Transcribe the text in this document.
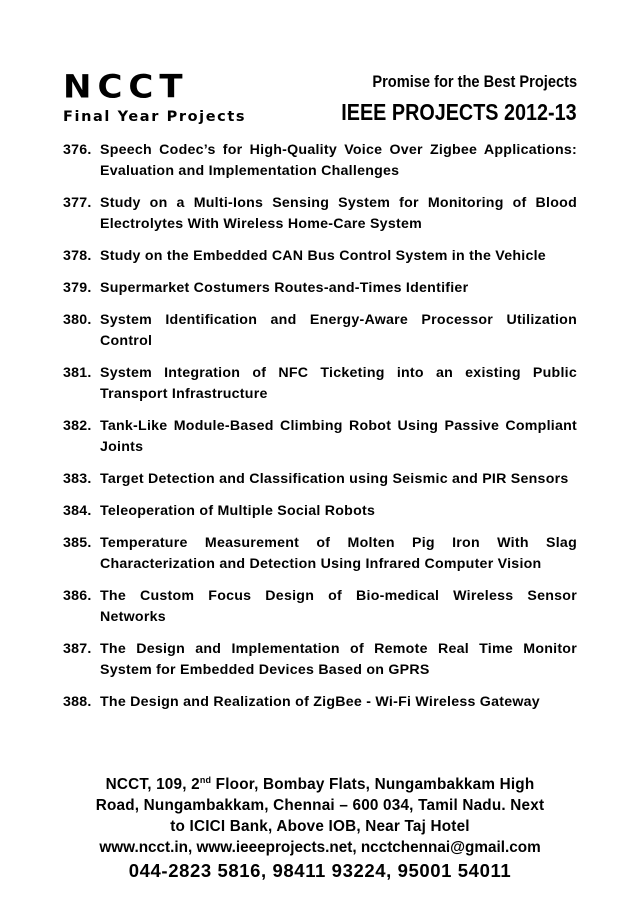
NCCT
Final Year Projects
Promise for the Best Projects
IEEE PROJECTS 2012-13
376. Speech Codec’s for High-Quality Voice Over Zigbee Applications: Evaluation and Implementation Challenges
377. Study on a Multi-Ions Sensing System for Monitoring of Blood Electrolytes With Wireless Home-Care System
378. Study on the Embedded CAN Bus Control System in the Vehicle
379. Supermarket Costumers Routes-and-Times Identifier
380. System Identification and Energy-Aware Processor Utilization Control
381. System Integration of NFC Ticketing into an existing Public Transport Infrastructure
382. Tank-Like Module-Based Climbing Robot Using Passive Compliant Joints
383. Target Detection and Classification using Seismic and PIR Sensors
384. Teleoperation of Multiple Social Robots
385. Temperature Measurement of Molten Pig Iron With Slag Characterization and Detection Using Infrared Computer Vision
386. The Custom Focus Design of Bio-medical Wireless Sensor Networks
387. The Design and Implementation of Remote Real Time Monitor System for Embedded Devices Based on GPRS
388. The Design and Realization of ZigBee - Wi-Fi Wireless Gateway
NCCT, 109, 2nd Floor, Bombay Flats, Nungambakkam High
Road, Nungambakkam, Chennai – 600 034, Tamil Nadu. Next
to ICICI Bank, Above IOB, Near Taj Hotel
www.ncct.in, www.ieeeprojects.net, ncctchennai@gmail.com
044-2823 5816, 98411 93224, 95001 54011
